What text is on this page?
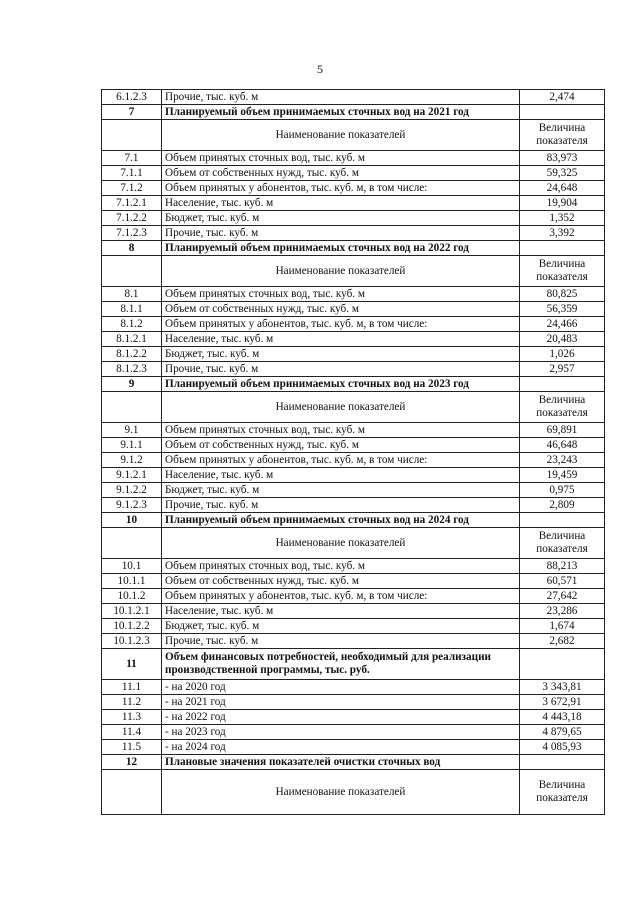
5
6.1.2.3	Прочие, тыс. куб. м	2,474
7	Планируемый объем принимаемых сточных вод на 2021 год	
	Наименование показателей	Величина показателя
7.1	Объем принятых сточных вод, тыс. куб. м	83,973
7.1.1	Объем от собственных нужд, тыс. куб. м	59,325
7.1.2	Объем принятых у абонентов, тыс. куб. м, в том числе:	24,648
7.1.2.1	Население, тыс. куб. м	19,904
7.1.2.2	Бюджет, тыс. куб. м	1,352
7.1.2.3	Прочие, тыс. куб. м	3,392
8	Планируемый объем принимаемых сточных вод на 2022 год	
	Наименование показателей	Величина показателя
8.1	Объем принятых сточных вод, тыс. куб. м	80,825
8.1.1	Объем от собственных нужд, тыс. куб. м	56,359
8.1.2	Объем принятых у абонентов, тыс. куб. м, в том числе:	24,466
8.1.2.1	Население, тыс. куб. м	20,483
8.1.2.2	Бюджет, тыс. куб. м	1,026
8.1.2.3	Прочие, тыс. куб. м	2,957
9	Планируемый объем принимаемых сточных вод на 2023 год	
	Наименование показателей	Величина показателя
9.1	Объем принятых сточных вод, тыс. куб. м	69,891
9.1.1	Объем от собственных нужд, тыс. куб. м	46,648
9.1.2	Объем принятых у абонентов, тыс. куб. м, в том числе:	23,243
9.1.2.1	Население, тыс. куб. м	19,459
9.1.2.2	Бюджет, тыс. куб. м	0,975
9.1.2.3	Прочие, тыс. куб. м	2,809
10	Планируемый объем принимаемых сточных вод на 2024 год	
	Наименование показателей	Величина показателя
10.1	Объем принятых сточных вод, тыс. куб. м	88,213
10.1.1	Объем от собственных нужд, тыс. куб. м	60,571
10.1.2	Объем принятых у абонентов, тыс. куб. м, в том числе:	27,642
10.1.2.1	Население, тыс. куб. м	23,286
10.1.2.2	Бюджет, тыс. куб. м	1,674
10.1.2.3	Прочие, тыс. куб. м	2,682
11	Объем финансовых потребностей, необходимый для реализации производственной программы, тыс. руб.	
11.1	- на 2020 год	3 343,81
11.2	- на 2021 год	3 672,91
11.3	- на 2022 год	4 443,18
11.4	- на 2023 год	4 879,65
11.5	- на 2024 год	4 085,93
12	Плановые значения показателей очистки сточных вод	
	Наименование показателей	Величина показателя
